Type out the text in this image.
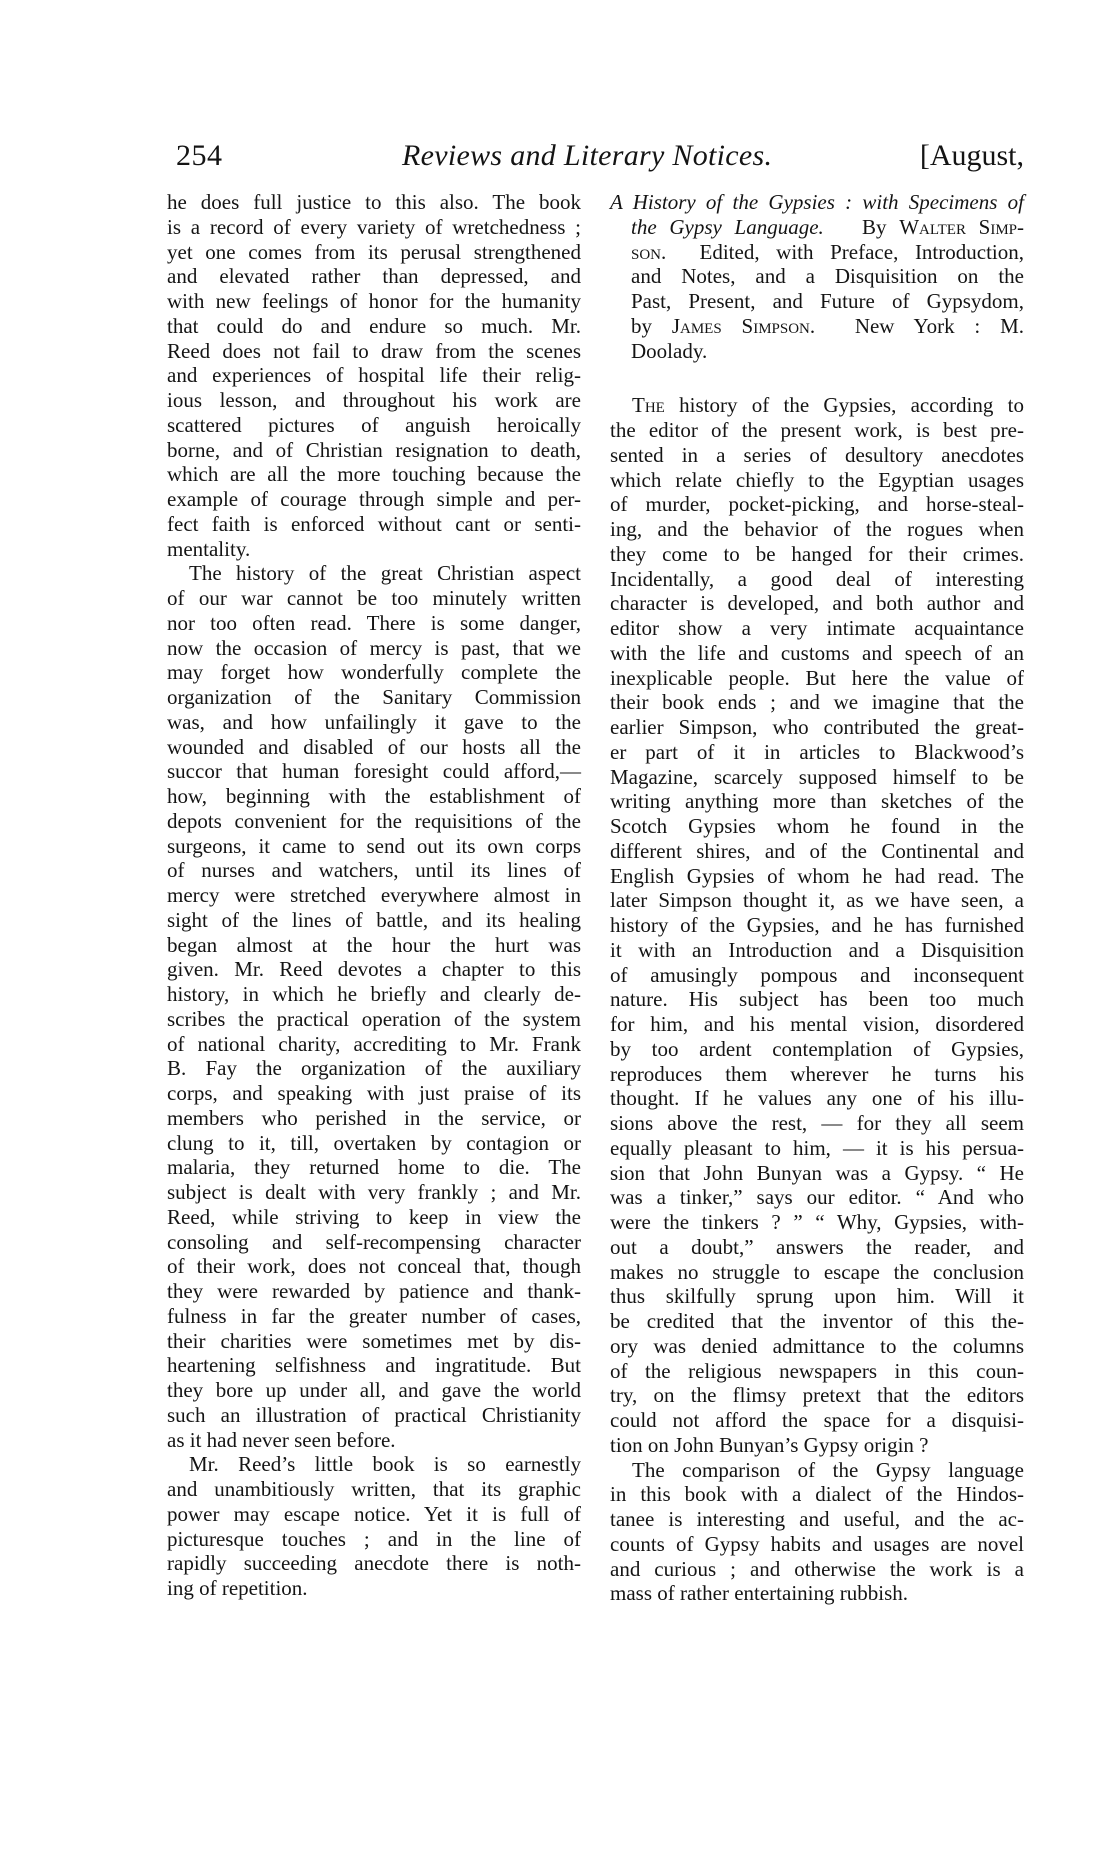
254	Reviews and Literary Notices.	[August,
he does full justice to this also. The book
is a record of every variety of wretchedness ;
yet one comes from its perusal strengthened
and elevated rather than depressed, and
with new feelings of honor for the humanity
that could do and endure so much. Mr.
Reed does not fail to draw from the scenes
and experiences of hospital life their relig-
ious lesson, and throughout his work are
scattered pictures of anguish heroically
borne, and of Christian resignation to death,
which are all the more touching because the
example of courage through simple and per-
fect faith is enforced without cant or senti-
mentality.
The history of the great Christian aspect
of our war cannot be too minutely written
nor too often read. There is some danger,
now the occasion of mercy is past, that we
may forget how wonderfully complete the
organization of the Sanitary Commission
was, and how unfailingly it gave to the
wounded and disabled of our hosts all the
succor that human foresight could afford,—
how, beginning with the establishment of
depots convenient for the requisitions of the
surgeons, it came to send out its own corps
of nurses and watchers, until its lines of
mercy were stretched everywhere almost in
sight of the lines of battle, and its healing
began almost at the hour the hurt was
given. Mr. Reed devotes a chapter to this
history, in which he briefly and clearly de-
scribes the practical operation of the system
of national charity, accrediting to Mr. Frank
B. Fay the organization of the auxiliary
corps, and speaking with just praise of its
members who perished in the service, or
clung to it, till, overtaken by contagion or
malaria, they returned home to die. The
subject is dealt with very frankly ; and Mr.
Reed, while striving to keep in view the
consoling and self-recompensing character
of their work, does not conceal that, though
they were rewarded by patience and thank-
fulness in far the greater number of cases,
their charities were sometimes met by dis-
heartening selfishness and ingratitude. But
they bore up under all, and gave the world
such an illustration of practical Christianity
as it had never seen before.
Mr. Reed’s little book is so earnestly
and unambitiously written, that its graphic
power may escape notice. Yet it is full of
picturesque touches ; and in the line of
rapidly succeeding anecdote there is noth-
ing of repetition.
A History of the Gypsies : with Specimens of
the Gypsy Language. By Walter Simp-
son. Edited, with Preface, Introduction,
and Notes, and a Disquisition on the
Past, Present, and Future of Gypsydom,
by James Simpson. New York : M.
Doolady.
The history of the Gypsies, according to
the editor of the present work, is best pre-
sented in a series of desultory anecdotes
which relate chiefly to the Egyptian usages
of murder, pocket-picking, and horse-steal-
ing, and the behavior of the rogues when
they come to be hanged for their crimes.
Incidentally, a good deal of interesting
character is developed, and both author and
editor show a very intimate acquaintance
with the life and customs and speech of an
inexplicable people. But here the value of
their book ends ; and we imagine that the
earlier Simpson, who contributed the great-
er part of it in articles to Blackwood’s
Magazine, scarcely supposed himself to be
writing anything more than sketches of the
Scotch Gypsies whom he found in the
different shires, and of the Continental and
English Gypsies of whom he had read. The
later Simpson thought it, as we have seen, a
history of the Gypsies, and he has furnished
it with an Introduction and a Disquisition
of amusingly pompous and inconsequent
nature. His subject has been too much
for him, and his mental vision, disordered
by too ardent contemplation of Gypsies,
reproduces them wherever he turns his
thought. If he values any one of his illu-
sions above the rest, — for they all seem
equally pleasant to him, — it is his persua-
sion that John Bunyan was a Gypsy. “ He
was a tinker,” says our editor. “ And who
were the tinkers ? ” “ Why, Gypsies, with-
out a doubt,” answers the reader, and
makes no struggle to escape the conclusion
thus skilfully sprung upon him. Will it
be credited that the inventor of this the-
ory was denied admittance to the columns
of the religious newspapers in this coun-
try, on the flimsy pretext that the editors
could not afford the space for a disquisi-
tion on John Bunyan’s Gypsy origin ?
The comparison of the Gypsy language
in this book with a dialect of the Hindos-
tanee is interesting and useful, and the ac-
counts of Gypsy habits and usages are novel
and curious ; and otherwise the work is a
mass of rather entertaining rubbish.
